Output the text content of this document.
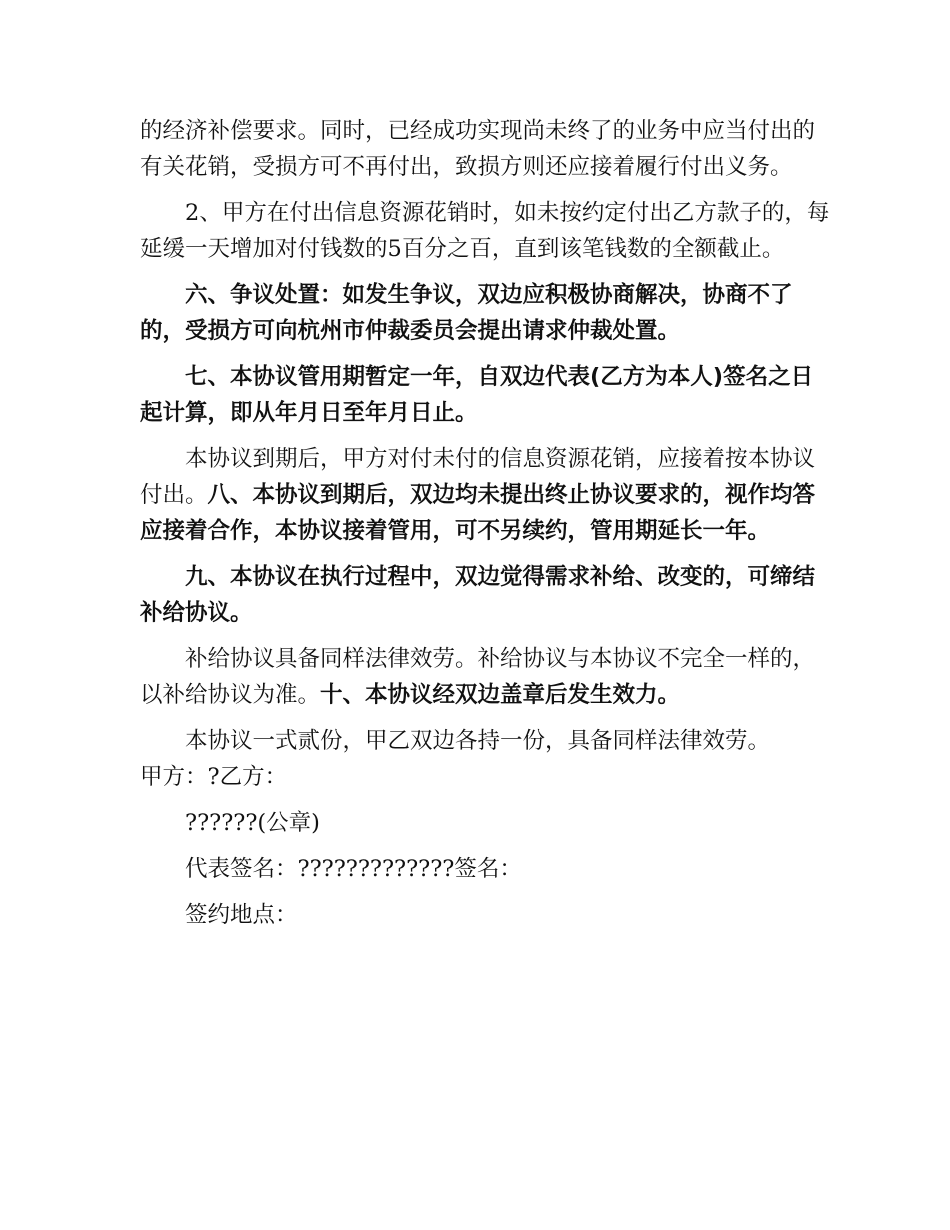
的经济补偿要求。同时，已经成功实现尚未终了的业务中应当付出的有关花销，受损方可不再付出，致损方则还应接着履行付出义务。

2、甲方在付出信息资源花销时，如未按约定付出乙方款子的，每延缓一天增加对付钱数的5百分之百，直到该笔钱数的全额截止。

六、争议处置：如发生争议，双边应积极协商解决，协商不了的，受损方可向杭州市仲裁委员会提出请求仲裁处置。

七、本协议管用期暂定一年，自双边代表(乙方为本人)签名之日起计算，即从年月日至年月日止。

本协议到期后，甲方对付未付的信息资源花销，应接着按本协议付出。八、本协议到期后，双边均未提出终止协议要求的，视作均答应接着合作，本协议接着管用，可不另续约，管用期延长一年。

九、本协议在执行过程中，双边觉得需求补给、改变的，可缔结补给协议。

补给协议具备同样法律效劳。补给协议与本协议不完全一样的，以补给协议为准。十、本协议经双边盖章后发生效力。

本协议一式贰份，甲乙双边各持一份，具备同样法律效劳。

甲方：?乙方：

??????(公章)

代表签名：?????????????签名：

签约地点：
